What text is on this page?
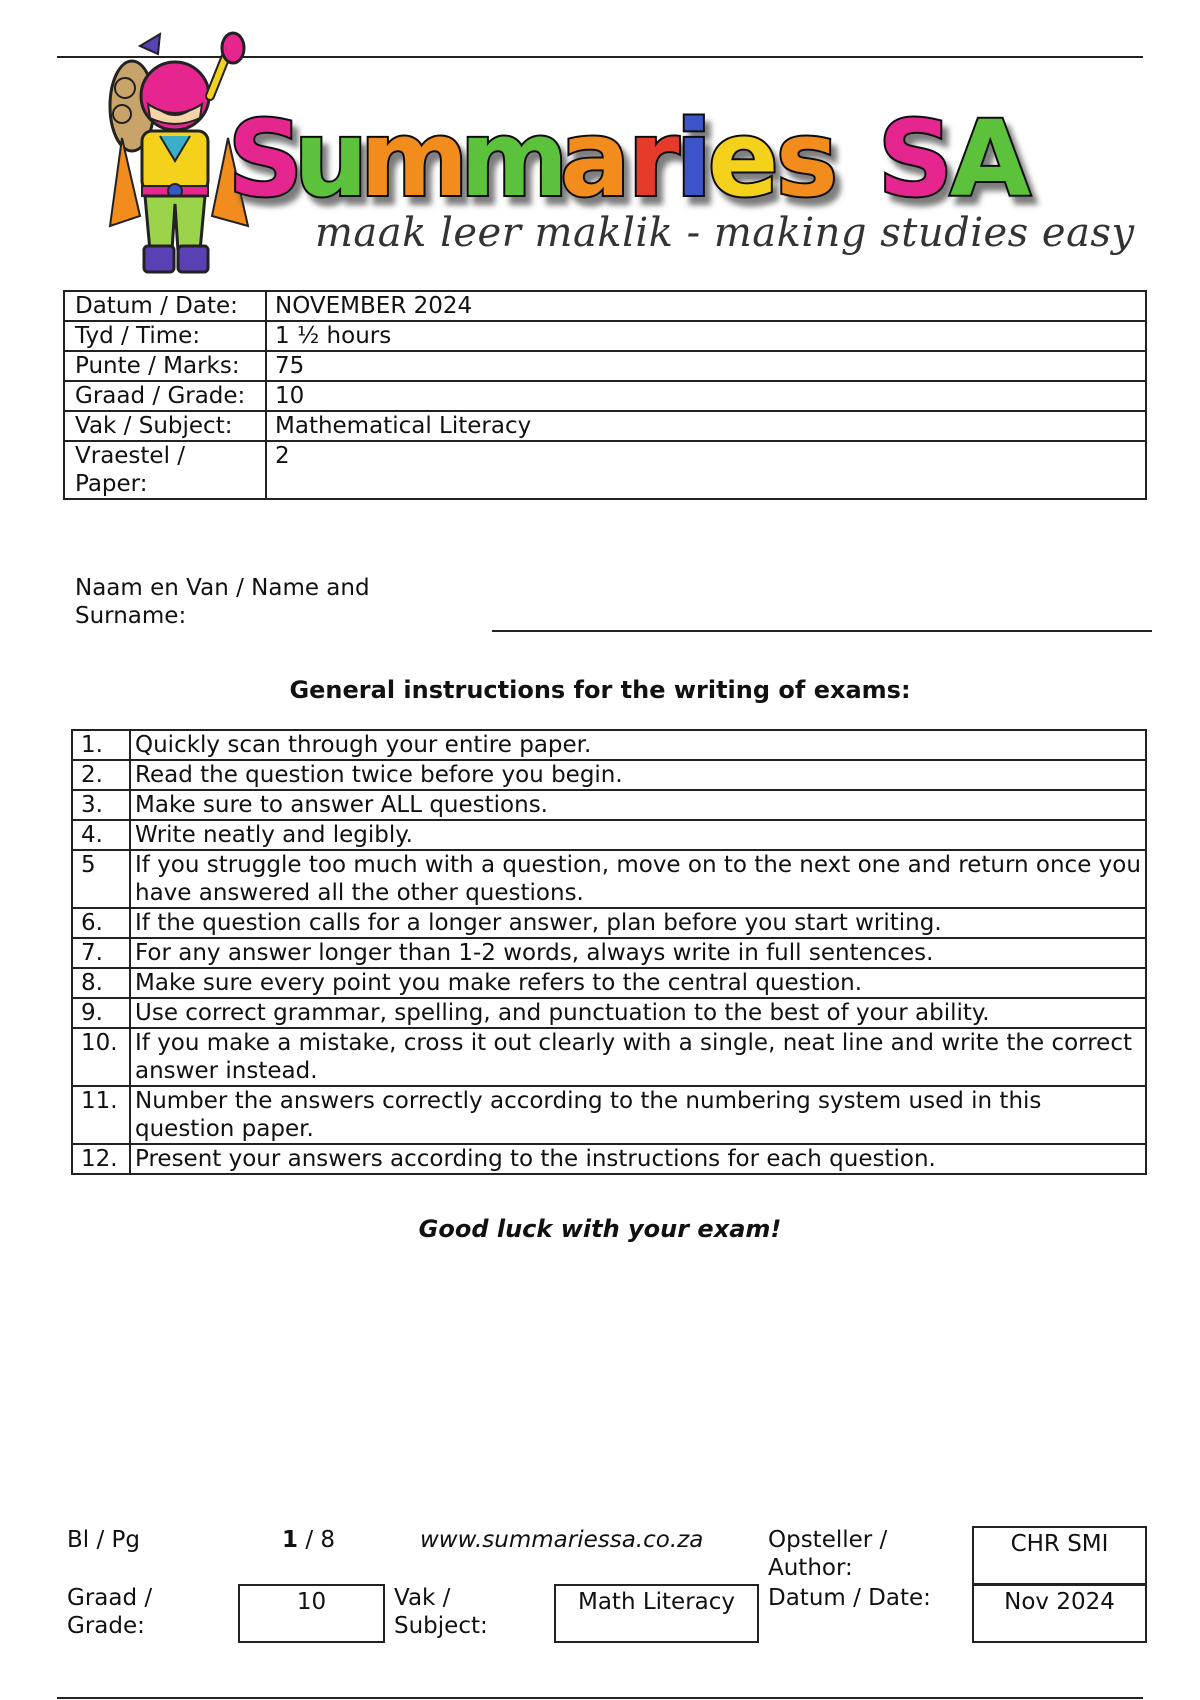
S
u
m
m
a
r
i
e
s S
A
maak leer maklik - making studies easy
Datum / Date:	NOVEMBER 2024
Tyd / Time:	1 ½ hours
Punte / Marks:	75
Graad / Grade:	10
Vak / Subject:	Mathematical Literacy
Vraestel / Paper:	2
Naam en Van / Name and Surname:
General instructions for the writing of exams:
1.	Quickly scan through your entire paper.
2.	Read the question twice before you begin.
3.	Make sure to answer ALL questions.
4.	Write neatly and legibly.
5	If you struggle too much with a question, move on to the next one and return once you have answered all the other questions.
6.	If the question calls for a longer answer, plan before you start writing.
7.	For any answer longer than 1-2 words, always write in full sentences.
8.	Make sure every point you make refers to the central question.
9.	Use correct grammar, spelling, and punctuation to the best of your ability.
10.	If you make a mistake, cross it out clearly with a single, neat line and write the correct answer instead.
11.	Number the answers correctly according to the numbering system used in this question paper.
12.	Present your answers according to the instructions for each question.
Good luck with your exam!
Bl / Pg	1 / 8	www.summariessa.co.za	Opsteller / Author:
CHR SMI
Graad / Grade:
10	Vak / Subject:
Math Literacy	Datum / Date:	Nov 2024
